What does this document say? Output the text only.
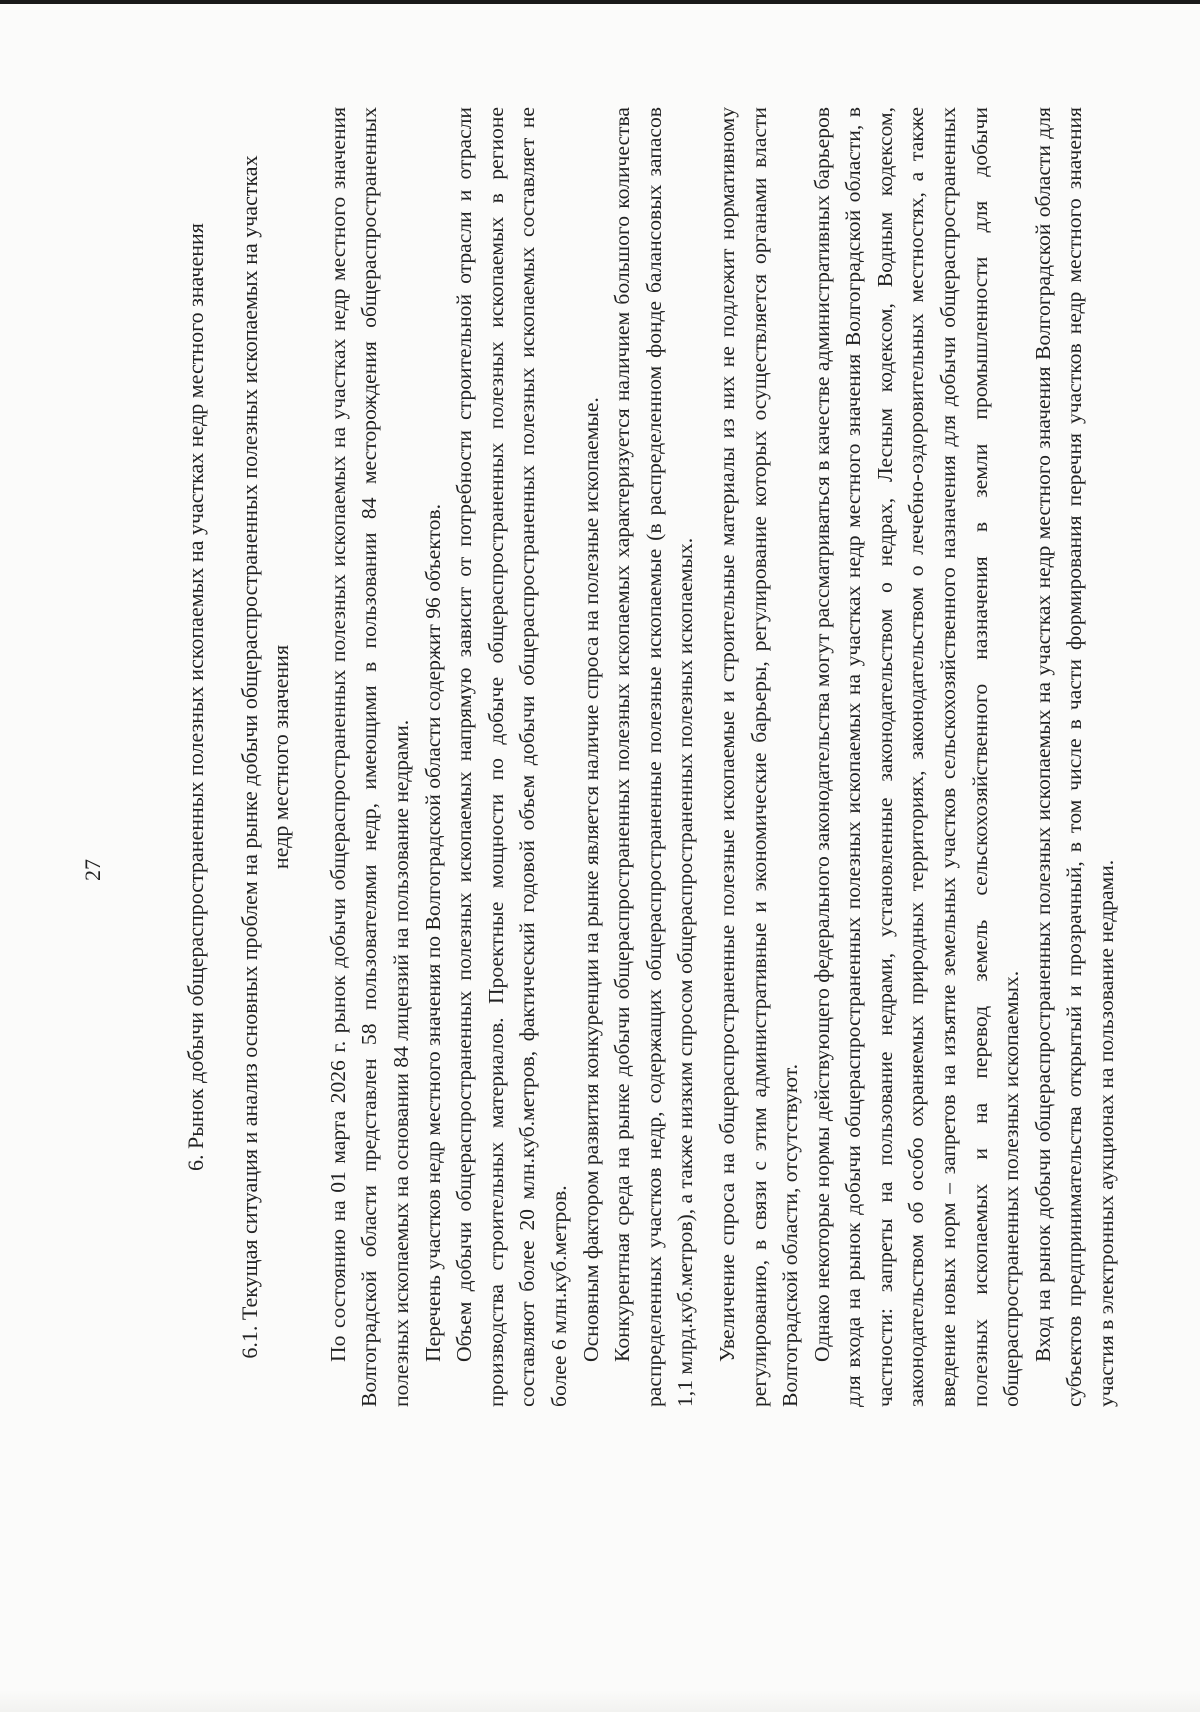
27	6. Рынок добычи общераспространенных полезных ископаемых на участках недр местного значения 6.1. Текущая ситуация и анализ основных проблем на рынке добычи общераспространенных полезных ископаемых на участках недр местного значения По состоянию на 01 марта 2026 г. рынок добычи общераспространенных полезных ископаемых на участках недр местного значения Волгоградской области представлен 58 пользователями недр, имеющими в пользовании 84 месторождения общераспространенных полезных ископаемых на основании 84 лицензий на пользование недрами. Перечень участков недр местного значения по Волгоградской области содержит 96 объектов. Объем добычи общераспространенных полезных ископаемых напрямую зависит от потребности строительной отрасли и отрасли производства строительных материалов. Проектные мощности по добыче общераспространенных полезных ископаемых в регионе составляют более 20 млн.куб.метров, фактический годовой объем добычи общераспространенных полезных ископаемых составляет не более 6 млн.куб.метров. Основным фактором развития конкуренции на рынке является наличие спроса на полезные ископаемые. Конкурентная среда на рынке добычи общераспространенных полезных ископаемых характеризуется наличием большого количества распределенных участков недр, содержащих общераспространенные полезные ископаемые (в распределенном фонде балансовых запасов 1,1 млрд.куб.метров), а также низким спросом общераспространенных полезных ископаемых. Увеличение спроса на общераспространенные полезные ископаемые и строительные материалы из них не подлежит нормативному регулированию, в связи с этим административные и экономические барьеры, регулирование которых осуществляется органами власти Волгоградской области, отсутствуют. Однако некоторые нормы действующего федерального законодательства могут рассматриваться в качестве административных барьеров для входа на рынок добычи общераспространенных полезных ископаемых на участках недр местного значения Волгоградской области, в частности: запреты на пользование недрами, установленные законодательством о недрах, Лесным кодексом, Водным кодексом, законодательством об особо охраняемых природных территориях, законодательством о лечебно-оздоровительных местностях, а также введение новых норм – запретов на изъятие земельных участков сельскохозяйственного назначения для добычи общераспространенных полезных ископаемых и на перевод земель сельскохозяйственного назначения в земли промышленности для добычи общераспространенных полезных ископаемых. Вход на рынок добычи общераспространенных полезных ископаемых на участках недр местного значения Волгоградской области для субъектов предпринимательства открытый и прозрачный, в том числе в части формирования перечня участков недр местного значения участия в электронных аукционах на пользование недрами.
